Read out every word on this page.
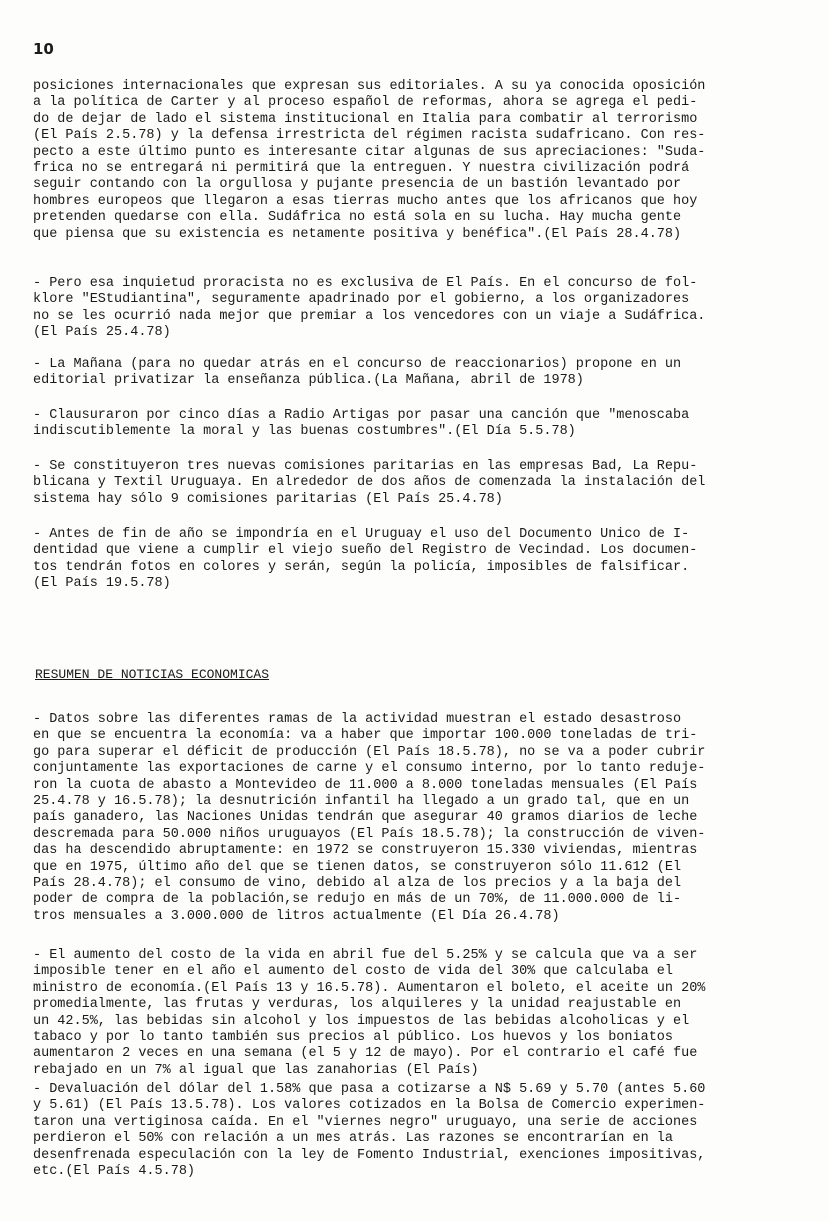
10

posiciones internacionales que expresan sus editoriales. A su ya conocida oposición
a la política de Carter y al proceso español de reformas, ahora se agrega el pedi-
do de dejar de lado el sistema institucional en Italia para combatir al terrorismo
(El País 2.5.78) y la defensa irrestricta del régimen racista sudafricano. Con res-
pecto a este último punto es interesante citar algunas de sus apreciaciones: "Suda-
frica no se entregará ni permitirá que la entreguen. Y nuestra civilización podrá
seguir contando con la orgullosa y pujante presencia de un bastión levantado por
hombres europeos que llegaron a esas tierras mucho antes que los africanos que hoy
pretenden quedarse con ella. Sudáfrica no está sola en su lucha. Hay mucha gente
que piensa que su existencia es netamente positiva y benéfica".(El País 28.4.78)

- Pero esa inquietud proracista no es exclusiva de El País. En el concurso de fol-
klore "EStudiantina", seguramente apadrinado por el gobierno, a los organizadores
no se les ocurrió nada mejor que premiar a los vencedores con un viaje a Sudáfrica.
(El País 25.4.78)

- La Mañana (para no quedar atrás en el concurso de reaccionarios) propone en un
editorial privatizar la enseñanza pública.(La Mañana, abril de 1978)

- Clausuraron por cinco días a Radio Artigas por pasar una canción que "menoscaba
indiscutiblemente la moral y las buenas costumbres".(El Día 5.5.78)

- Se constituyeron tres nuevas comisiones paritarias en las empresas Bad, La Repu-
blicana y Textil Uruguaya. En alrededor de dos años de comenzada la instalación del
sistema hay sólo 9 comisiones paritarias (El País 25.4.78)

- Antes de fin de año se impondría en el Uruguay el uso del Documento Unico de I-
dentidad que viene a cumplir el viejo sueño del Registro de Vecindad. Los documen-
tos tendrán fotos en colores y serán, según la policía, imposibles de falsificar.
(El País 19.5.78)

RESUMEN DE NOTICIAS ECONOMICAS

- Datos sobre las diferentes ramas de la actividad muestran el estado desastroso
en que se encuentra la economía: va a haber que importar 100.000 toneladas de tri-
go para superar el déficit de producción (El País 18.5.78), no se va a poder cubrir
conjuntamente las exportaciones de carne y el consumo interno, por lo tanto reduje-
ron la cuota de abasto a Montevideo de 11.000 a 8.000 toneladas mensuales (El País
25.4.78 y 16.5.78); la desnutrición infantil ha llegado a un grado tal, que en un
país ganadero, las Naciones Unidas tendrán que asegurar 40 gramos diarios de leche
descremada para 50.000 niños uruguayos (El País 18.5.78); la construcción de viven-
das ha descendido abruptamente: en 1972 se construyeron 15.330 viviendas, mientras
que en 1975, último año del que se tienen datos, se construyeron sólo 11.612 (El
País 28.4.78); el consumo de vino, debido al alza de los precios y a la baja del
poder de compra de la población,se redujo en más de un 70%, de 11.000.000 de li-
tros mensuales a 3.000.000 de litros actualmente (El Día 26.4.78)

- El aumento del costo de la vida en abril fue del 5.25% y se calcula que va a ser
imposible tener en el año el aumento del costo de vida del 30% que calculaba el
ministro de economía.(El País 13 y 16.5.78). Aumentaron el boleto, el aceite un 20%
promedialmente, las frutas y verduras, los alquileres y la unidad reajustable en
un 42.5%, las bebidas sin alcohol y los impuestos de las bebidas alcoholicas y el
tabaco y por lo tanto también sus precios al público. Los huevos y los boniatos
aumentaron 2 veces en una semana (el 5 y 12 de mayo). Por el contrario el café fue
rebajado en un 7% al igual que las zanahorias (El País)

- Devaluación del dólar del 1.58% que pasa a cotizarse a N$ 5.69 y 5.70 (antes 5.60
y 5.61) (El País 13.5.78). Los valores cotizados en la Bolsa de Comercio experimen-
taron una vertiginosa caída. En el "viernes negro" uruguayo, una serie de acciones
perdieron el 50% con relación a un mes atrás. Las razones se encontrarían en la
desenfrenada especulación con la ley de Fomento Industrial, exenciones impositivas,
etc.(El País 4.5.78)
